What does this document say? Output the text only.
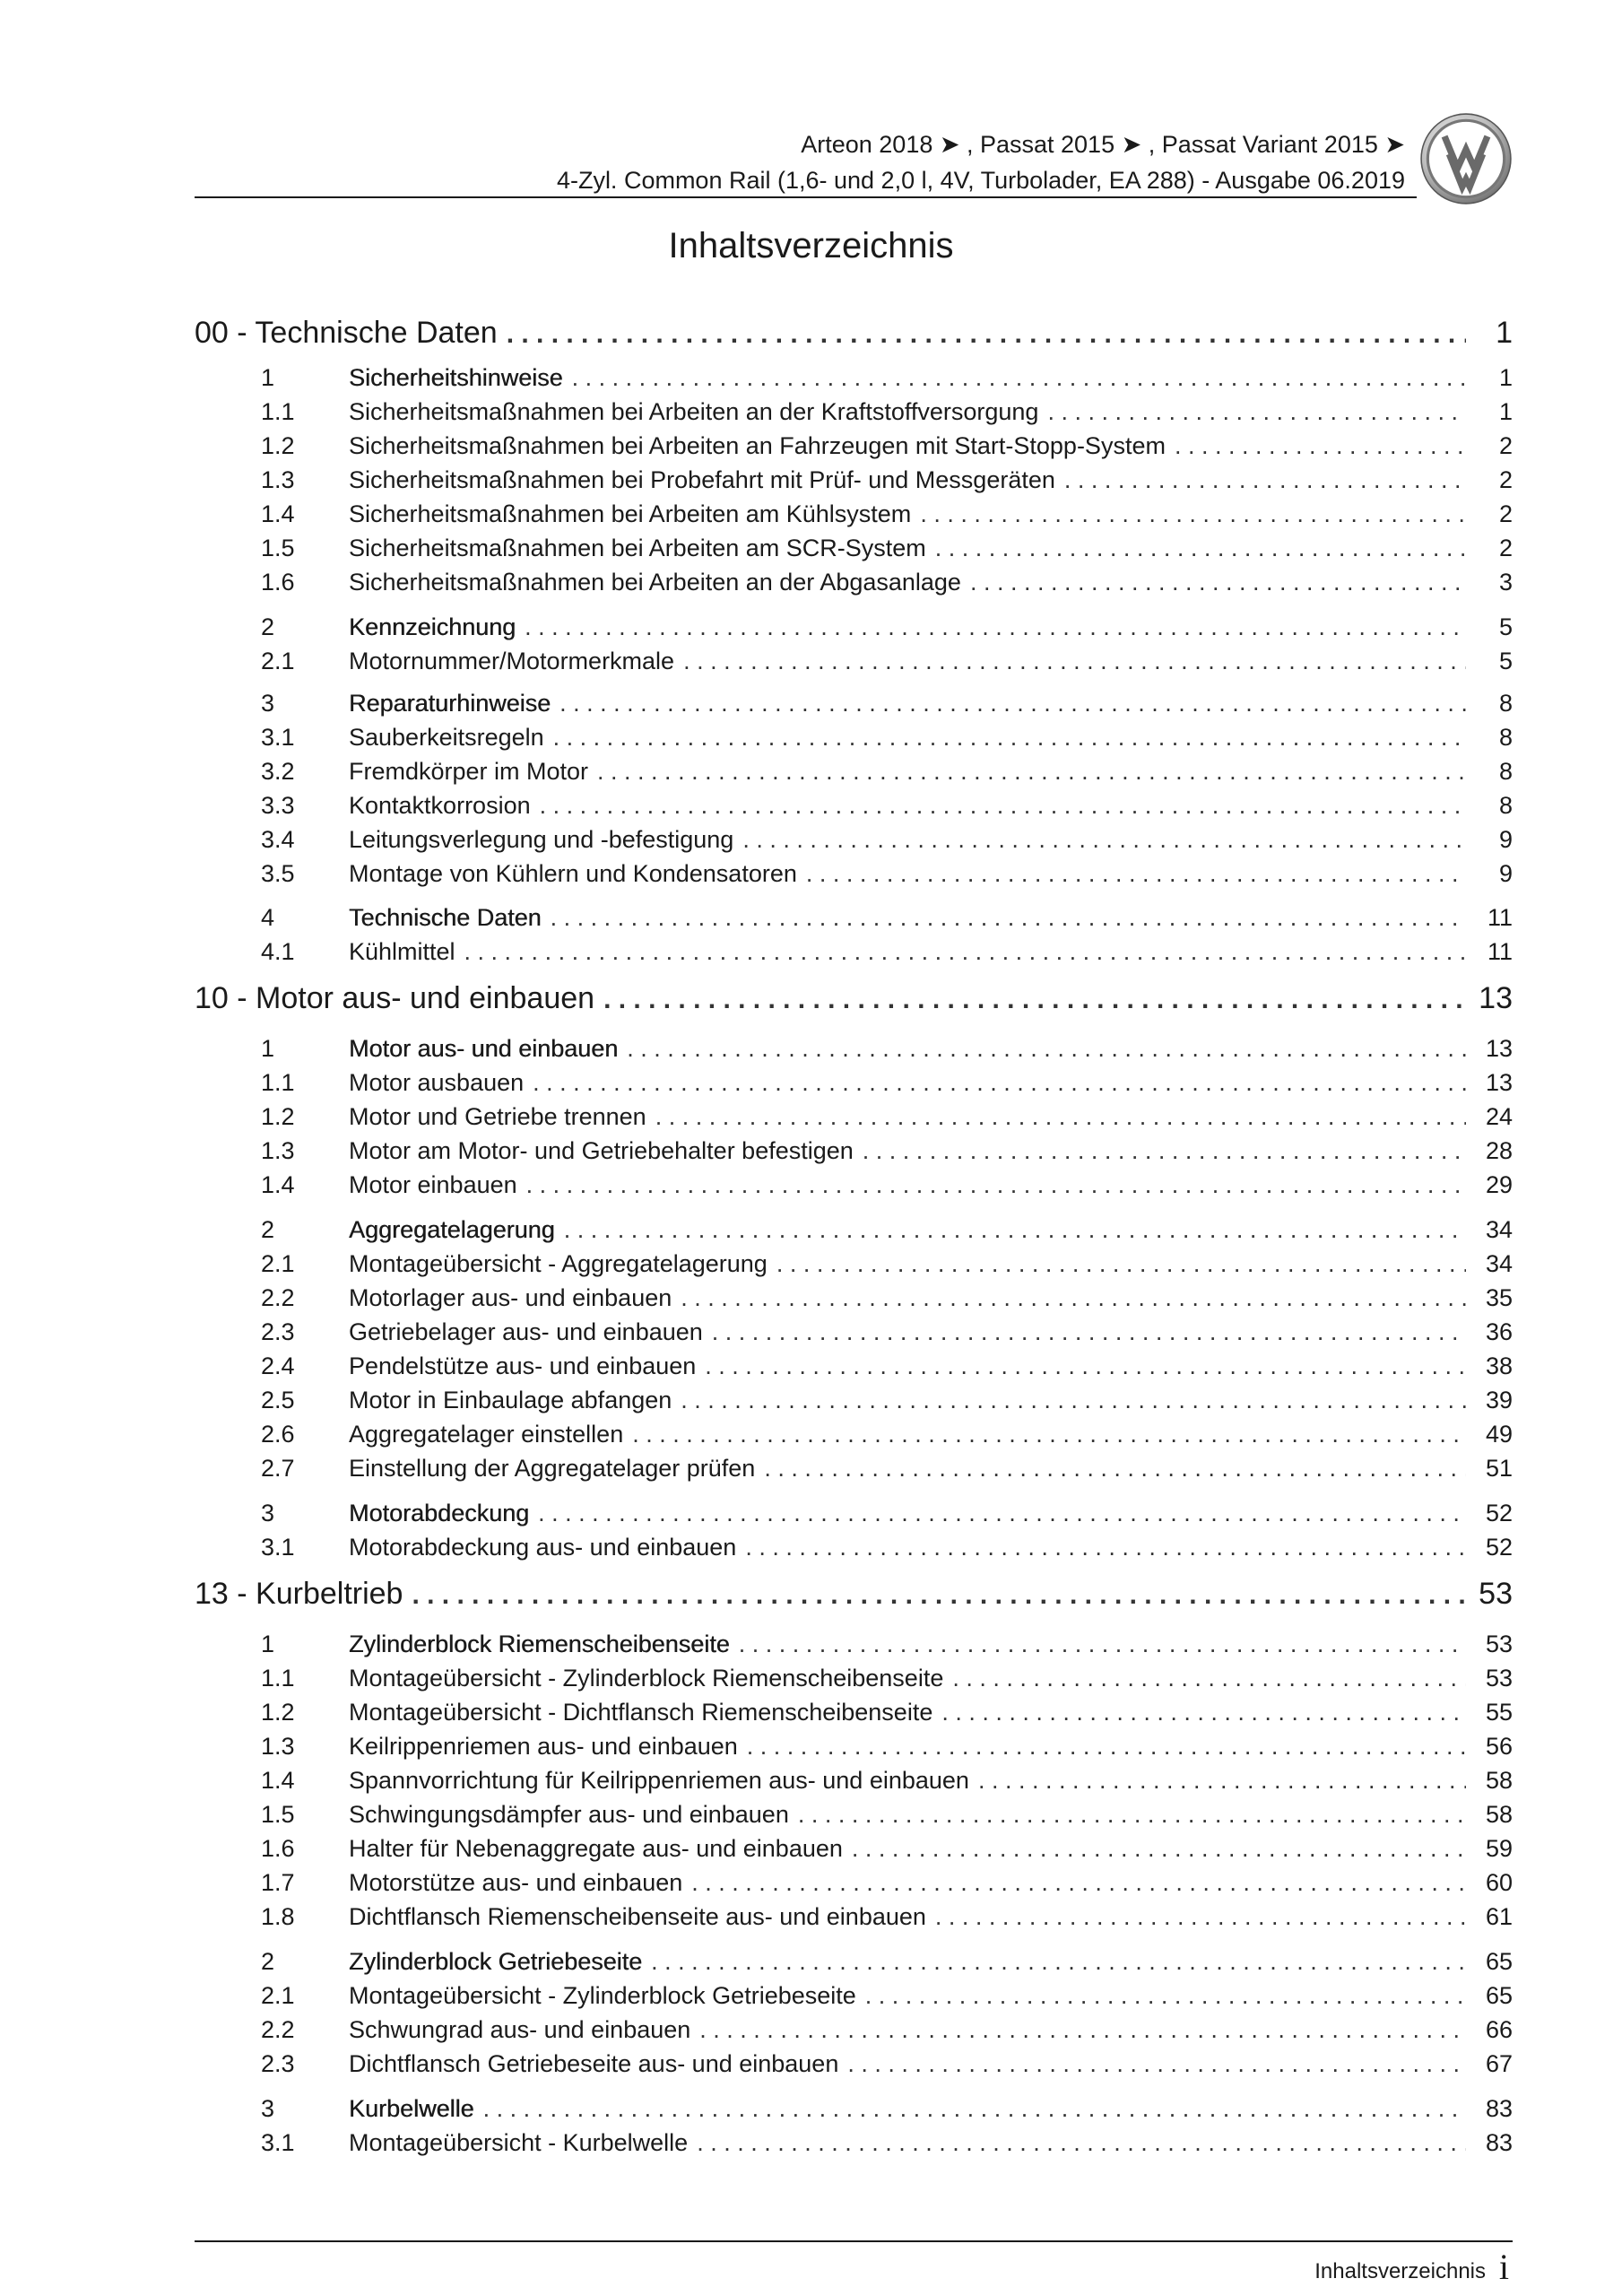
Arteon 2018 ➤ , Passat 2015 ➤ , Passat Variant 2015 ➤
4-Zyl. Common Rail (1,6- und 2,0 l, 4V, Turbolader, EA 288) - Ausgabe 06.2019
Inhaltsverzeichnis
00 - Technische Daten . . .	1
1	Sicherheitshinweise . . .	1
1.1 Sicherheitsmaßnahmen bei Arbeiten an der Kraftstoffversorgung . . .	1
1.2 Sicherheitsmaßnahmen bei Arbeiten an Fahrzeugen mit Start-Stopp-System . . .	2
1.3 Sicherheitsmaßnahmen bei Probefahrt mit Prüf- und Messgeräten . . .	2
1.4 Sicherheitsmaßnahmen bei Arbeiten am Kühlsystem . . .	2
1.5 Sicherheitsmaßnahmen bei Arbeiten am SCR-System . . .	2
1.6 Sicherheitsmaßnahmen bei Arbeiten an der Abgasanlage . . .	3
2	Kennzeichnung . . .	5
2.1 Motornummer/Motormerkmale . . .	5
3	Reparaturhinweise . . .	8
3.1 Sauberkeitsregeln . . .	8
3.2 Fremdkörper im Motor . . .	8
3.3 Kontaktkorrosion . . .	8
3.4 Leitungsverlegung und -befestigung . . .	9
3.5 Montage von Kühlern und Kondensatoren . . .	9
4	Technische Daten . . .	11
4.1 Kühlmittel . . .	11
10 - Motor aus- und einbauen . . .	13
1	Motor aus- und einbauen . . .	13
1.1 Motor ausbauen . . .	13
1.2 Motor und Getriebe trennen . . .	24
1.3 Motor am Motor- und Getriebehalter befestigen . . .	28
1.4 Motor einbauen . . .	29
2	Aggregatelagerung . . .	34
2.1 Montageübersicht - Aggregatelagerung . . .	34
2.2 Motorlager aus- und einbauen . . .	35
2.3 Getriebelager aus- und einbauen . . .	36
2.4 Pendelstütze aus- und einbauen . . .	38
2.5 Motor in Einbaulage abfangen . . .	39
2.6 Aggregatelager einstellen . . .	49
2.7 Einstellung der Aggregatelager prüfen . . .	51
3	Motorabdeckung . . .	52
3.1 Motorabdeckung aus- und einbauen . . .	52
13 - Kurbeltrieb . . .	53
1	Zylinderblock Riemenscheibenseite . . .	53
1.1 Montageübersicht - Zylinderblock Riemenscheibenseite . . .	53
1.2 Montageübersicht - Dichtflansch Riemenscheibenseite . . .	55
1.3 Keilrippenriemen aus- und einbauen . . .	56
1.4 Spannvorrichtung für Keilrippenriemen aus- und einbauen . . .	58
1.5 Schwingungsdämpfer aus- und einbauen . . .	58
1.6 Halter für Nebenaggregate aus- und einbauen . . .	59
1.7 Motorstütze aus- und einbauen . . .	60
1.8 Dichtflansch Riemenscheibenseite aus- und einbauen . . .	61
2	Zylinderblock Getriebeseite . . .	65
2.1 Montageübersicht - Zylinderblock Getriebeseite . . .	65
2.2 Schwungrad aus- und einbauen . . .	66
2.3 Dichtflansch Getriebeseite aus- und einbauen . . .	67
3	Kurbelwelle . . .	83
3.1 Montageübersicht - Kurbelwelle . . .	83
Inhaltsverzeichnis i
